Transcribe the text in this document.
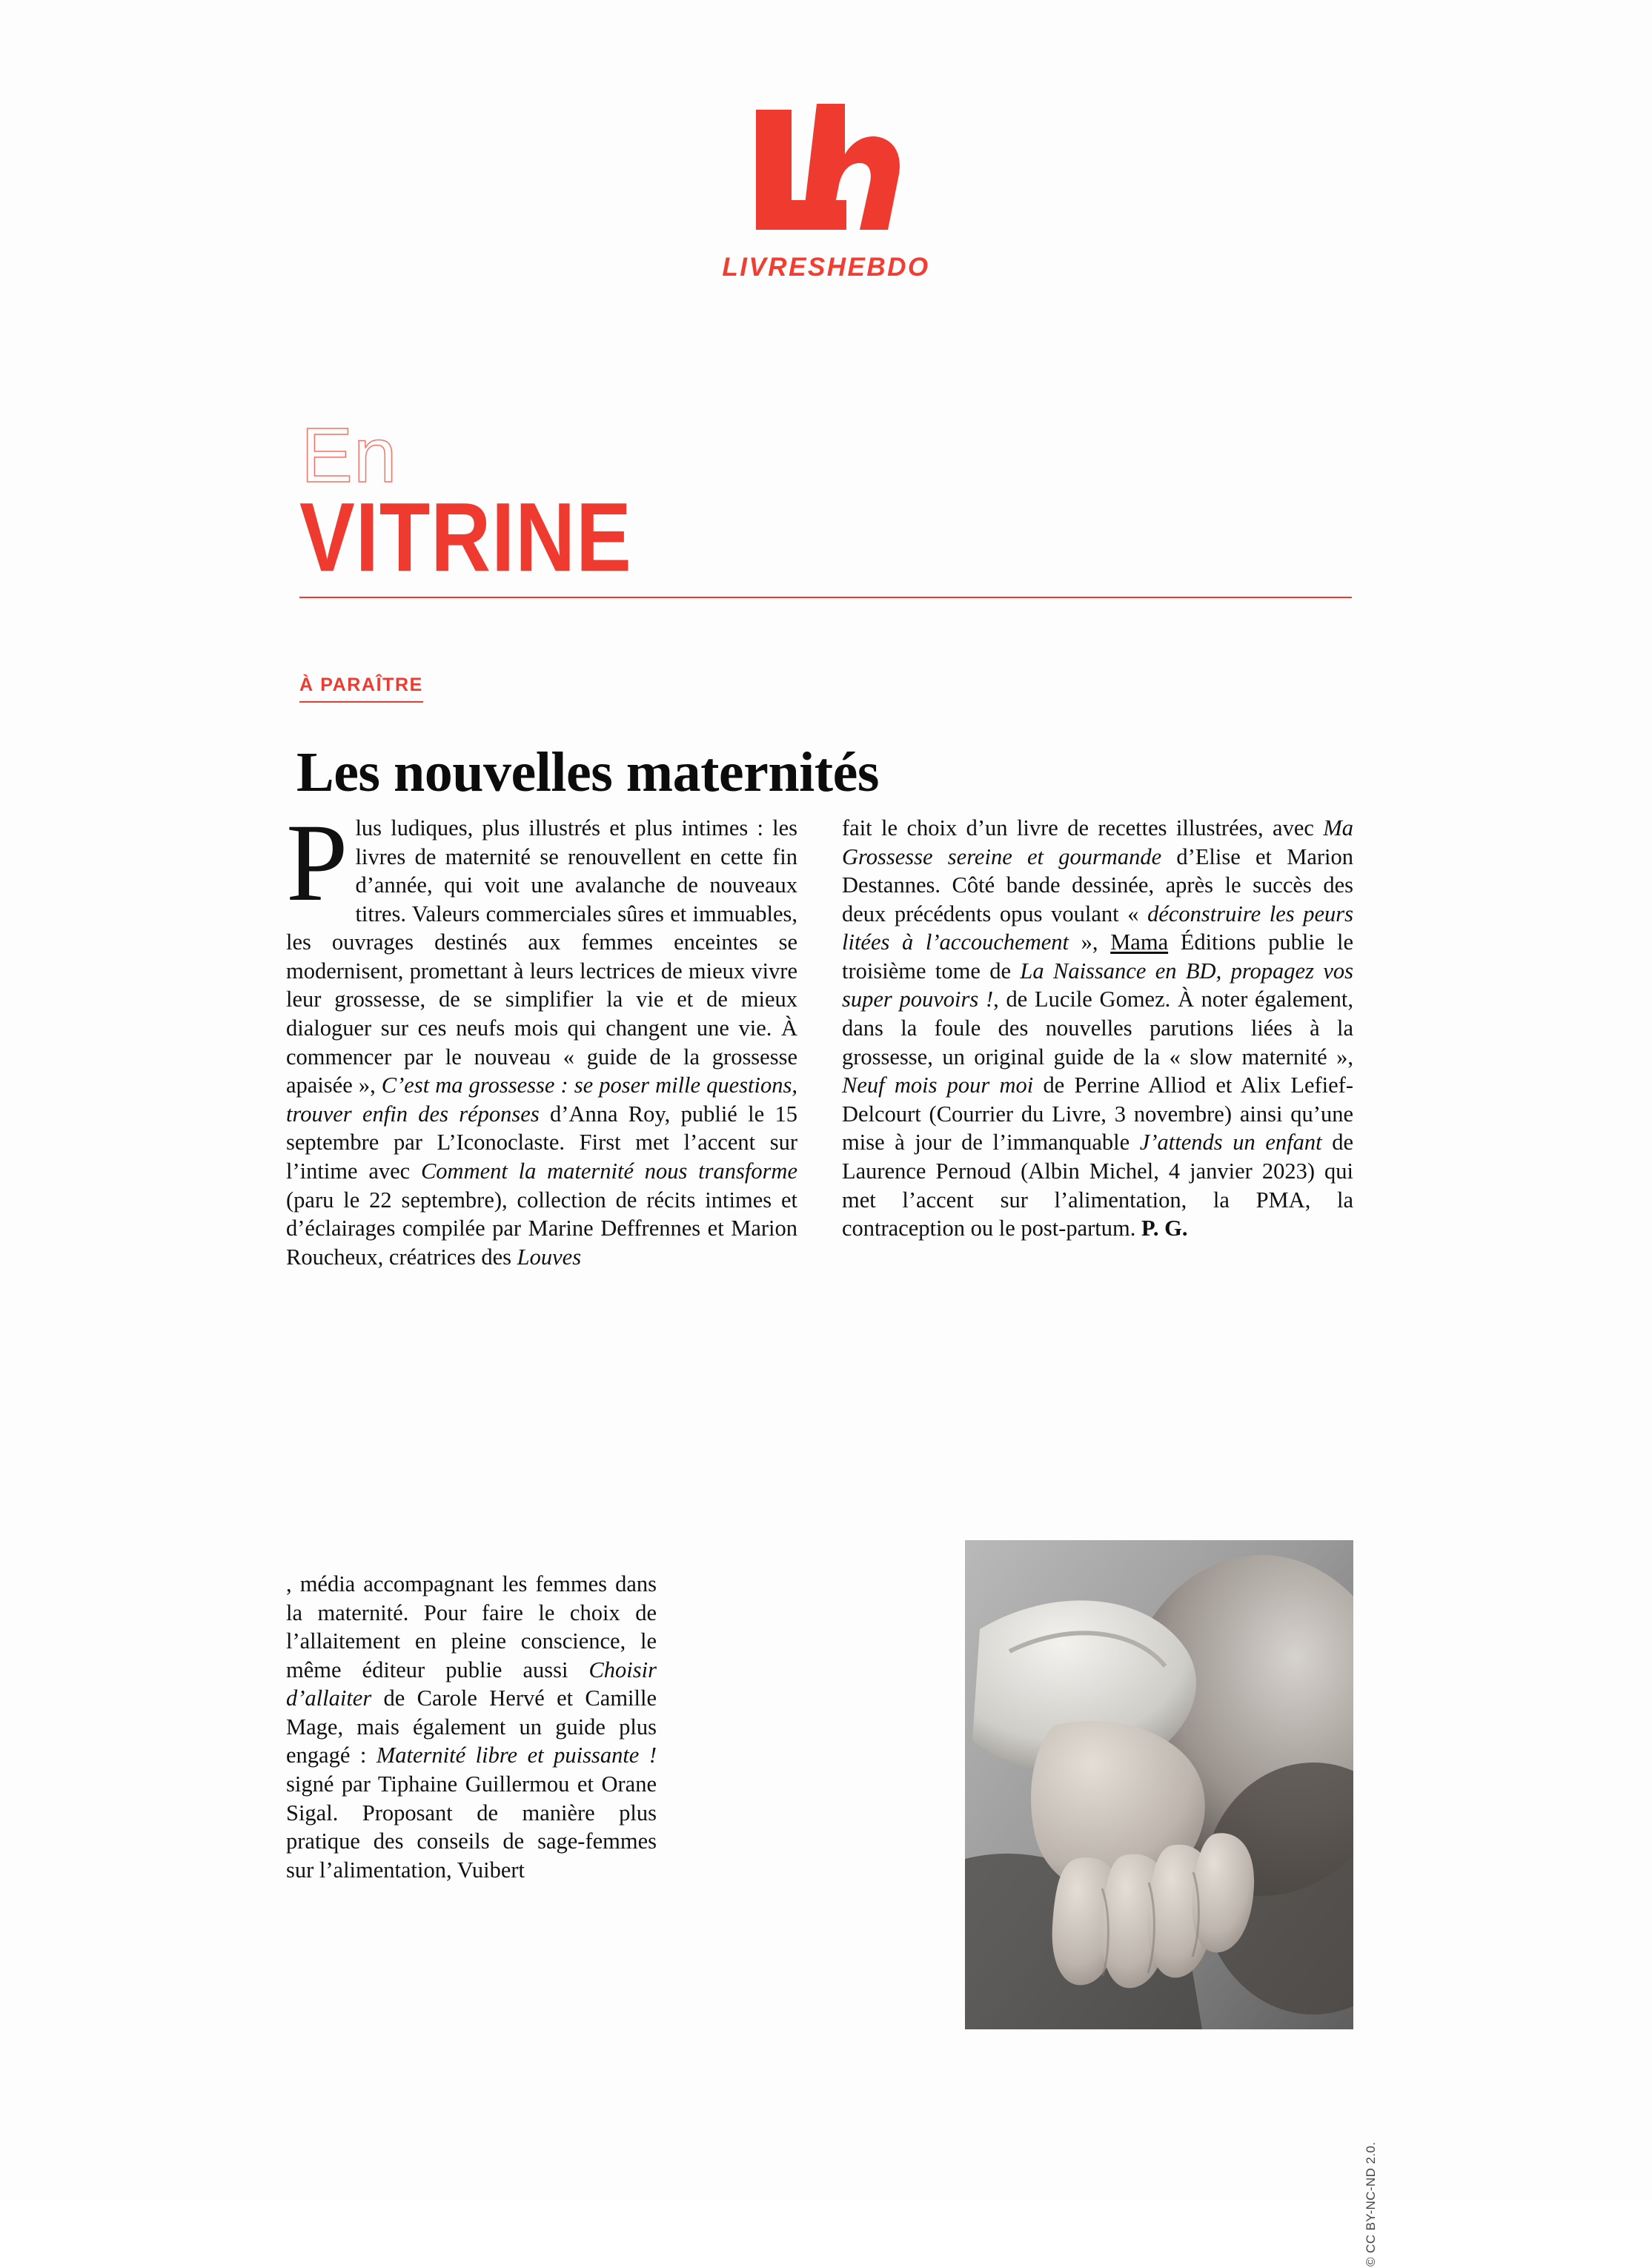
LIVRESHEBDO
En
VITRINE
À PARAÎTRE
Les nouvelles maternités
Plus ludiques, plus illustrés et plus intimes : les livres de maternité se renouvellent en cette fin d’année, qui voit une avalanche de nouveaux titres. Valeurs commerciales sûres et immuables, les ouvrages destinés aux femmes enceintes se modernisent, promettant à leurs lectrices de mieux vivre leur grossesse, de se simplifier la vie et de mieux dialoguer sur ces neufs mois qui changent une vie. À commencer par le nouveau « guide de la grossesse apaisée », C’est ma grossesse : se poser mille questions, trouver enfin des réponses d’Anna Roy, publié le 15 septembre par L’Iconoclaste. First met l’accent sur l’intime avec Comment la maternité nous transforme (paru le 22 septembre), collection de récits intimes et d’éclairages compilée par Marine Deffrennes et Marion Roucheux, créatrices des Louves
, média accompagnant les femmes dans la maternité. Pour faire le choix de l’allaitement en pleine conscience, le même éditeur publie aussi Choisir d’allaiter de Carole Hervé et Camille Mage, mais également un guide plus engagé : Maternité libre et puissante ! signé par Tiphaine Guillermou et Orane Sigal. Proposant de manière plus pratique des conseils de sage-femmes sur l’alimentation, Vuibert

fait le choix d’un livre de recettes illustrées, avec Ma Grossesse sereine et gourmande d’Elise et Marion Destannes. Côté bande dessinée, après le succès des deux précédents opus voulant « déconstruire les peurs litées à l’accouchement », Mama Éditions publie le troisième tome de La Naissance en BD, propagez vos super pouvoirs !, de Lucile Gomez. À noter également, dans la foule des nouvelles parutions liées à la grossesse, un original guide de la « slow maternité », Neuf mois pour moi de Perrine Alliod et Alix Lefief-Delcourt (Courrier du Livre, 3 novembre) ainsi qu’une mise à jour de l’immanquable J’attends un enfant de Laurence Pernoud (Albin Michel, 4 janvier 2023) qui met l’accent sur l’alimentation, la PMA, la contraception ou le post-partum. P. G.

© CC BY-NC-ND 2.0.
